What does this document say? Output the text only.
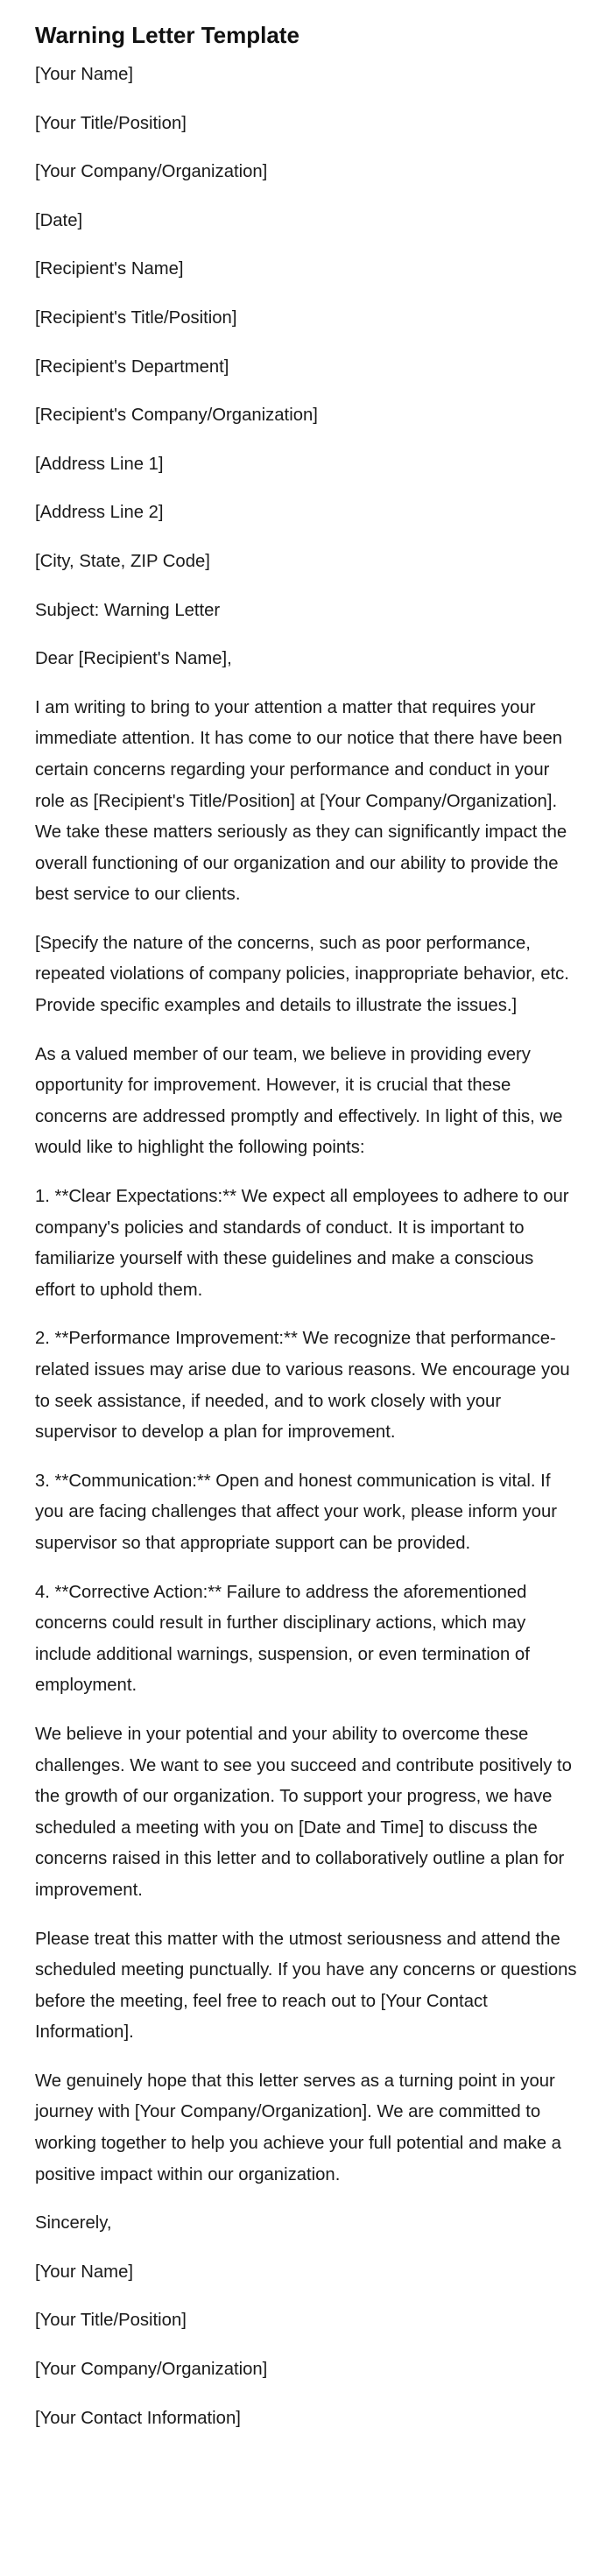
Warning Letter Template

[Your Name]

[Your Title/Position]

[Your Company/Organization]

[Date]

[Recipient's Name]

[Recipient's Title/Position]

[Recipient's Department]

[Recipient's Company/Organization]

[Address Line 1]

[Address Line 2]

[City, State, ZIP Code]

Subject: Warning Letter

Dear [Recipient's Name],

I am writing to bring to your attention a matter that requires your immediate attention. It has come to our notice that there have been certain concerns regarding your performance and conduct in your role as [Recipient's Title/Position] at [Your Company/Organization]. We take these matters seriously as they can significantly impact the overall functioning of our organization and our ability to provide the best service to our clients.

[Specify the nature of the concerns, such as poor performance, repeated violations of company policies, inappropriate behavior, etc. Provide specific examples and details to illustrate the issues.]

As a valued member of our team, we believe in providing every opportunity for improvement. However, it is crucial that these concerns are addressed promptly and effectively. In light of this, we would like to highlight the following points:

1. **Clear Expectations:** We expect all employees to adhere to our company's policies and standards of conduct. It is important to familiarize yourself with these guidelines and make a conscious effort to uphold them.

2. **Performance Improvement:** We recognize that performance-related issues may arise due to various reasons. We encourage you to seek assistance, if needed, and to work closely with your supervisor to develop a plan for improvement.

3. **Communication:** Open and honest communication is vital. If you are facing challenges that affect your work, please inform your supervisor so that appropriate support can be provided.

4. **Corrective Action:** Failure to address the aforementioned concerns could result in further disciplinary actions, which may include additional warnings, suspension, or even termination of employment.

We believe in your potential and your ability to overcome these challenges. We want to see you succeed and contribute positively to the growth of our organization. To support your progress, we have scheduled a meeting with you on [Date and Time] to discuss the concerns raised in this letter and to collaboratively outline a plan for improvement.

Please treat this matter with the utmost seriousness and attend the scheduled meeting punctually. If you have any concerns or questions before the meeting, feel free to reach out to [Your Contact Information].

We genuinely hope that this letter serves as a turning point in your journey with [Your Company/Organization]. We are committed to working together to help you achieve your full potential and make a positive impact within our organization.

Sincerely,

[Your Name]

[Your Title/Position]

[Your Company/Organization]

[Your Contact Information]
